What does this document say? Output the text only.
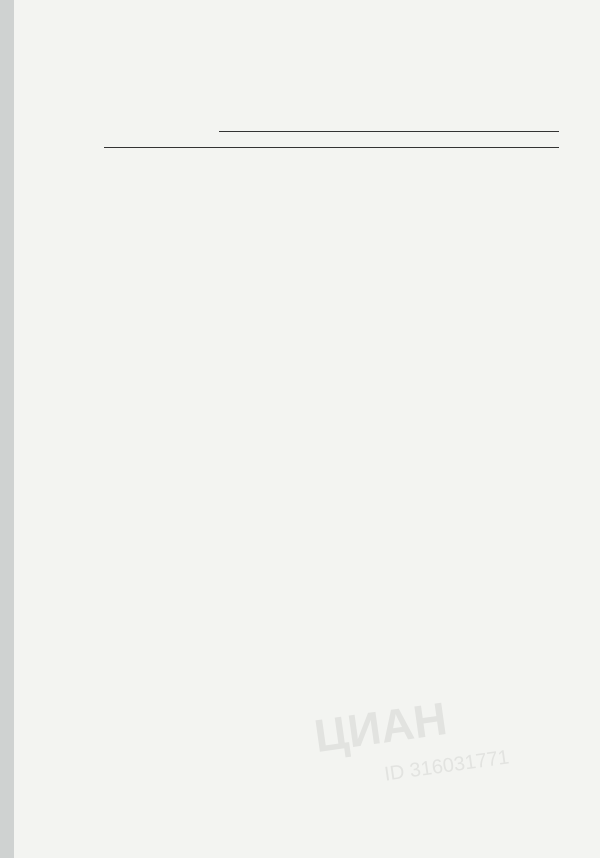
ЦИАН
ID 316031771
